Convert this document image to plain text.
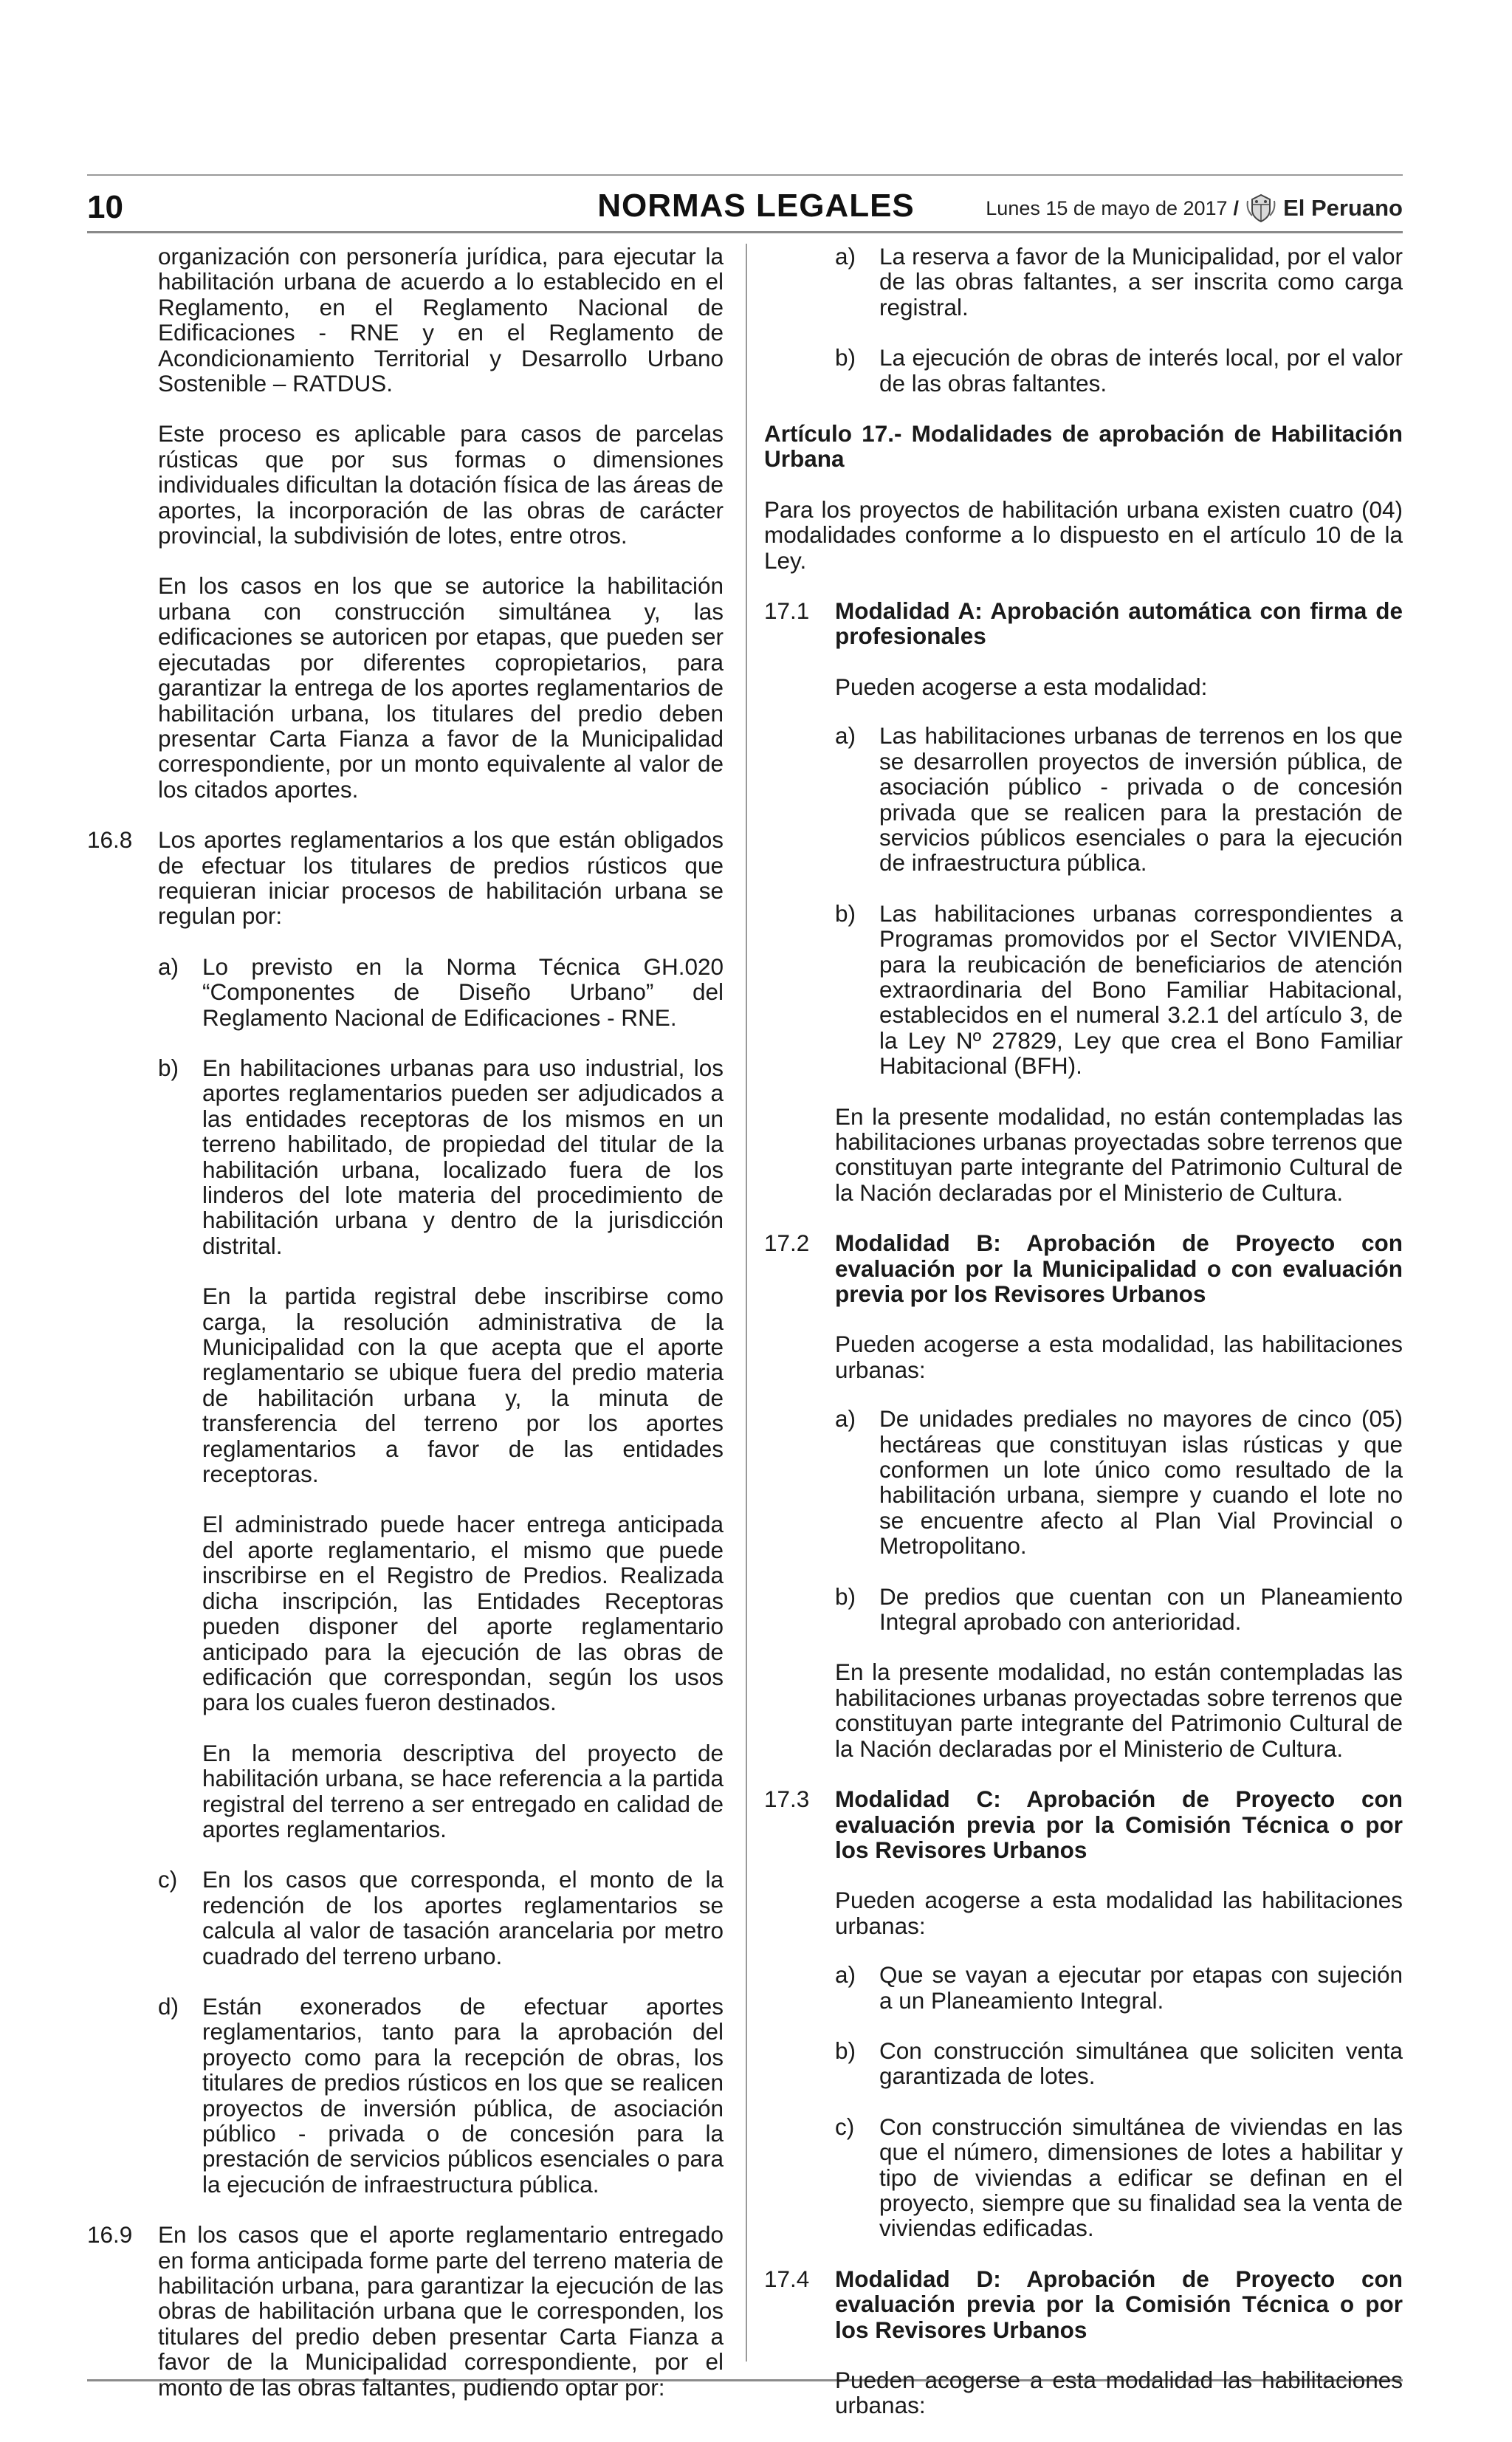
10	NORMAS LEGALES	Lunes 15 de mayo de 2017 / El Peruano
organización con personería jurídica, para ejecutar la habilitación urbana de acuerdo a lo establecido en el Reglamento, en el Reglamento Nacional de Edificaciones - RNE y en el Reglamento de Acondicionamiento Territorial y Desarrollo Urbano Sostenible – RATDUS.
Este proceso es aplicable para casos de parcelas rústicas que por sus formas o dimensiones individuales dificultan la dotación física de las áreas de aportes, la incorporación de las obras de carácter provincial, la subdivisión de lotes, entre otros.
En los casos en los que se autorice la habilitación urbana con construcción simultánea y, las edificaciones se autoricen por etapas, que pueden ser ejecutadas por diferentes copropietarios, para garantizar la entrega de los aportes reglamentarios de habilitación urbana, los titulares del predio deben presentar Carta Fianza a favor de la Municipalidad correspondiente, por un monto equivalente al valor de los citados aportes.
16.8	Los aportes reglamentarios a los que están obligados de efectuar los titulares de predios rústicos que requieran iniciar procesos de habilitación urbana se regulan por:
a)	Lo previsto en la Norma Técnica GH.020 “Componentes de Diseño Urbano” del Reglamento Nacional de Edificaciones - RNE.
b)	En habilitaciones urbanas para uso industrial, los aportes reglamentarios pueden ser adjudicados a las entidades receptoras de los mismos en un terreno habilitado, de propiedad del titular de la habilitación urbana, localizado fuera de los linderos del lote materia del procedimiento de habilitación urbana y dentro de la jurisdicción distrital.
En la partida registral debe inscribirse como carga, la resolución administrativa de la Municipalidad con la que acepta que el aporte reglamentario se ubique fuera del predio materia de habilitación urbana y, la minuta de transferencia del terreno por los aportes reglamentarios a favor de las entidades receptoras.
El administrado puede hacer entrega anticipada del aporte reglamentario, el mismo que puede inscribirse en el Registro de Predios. Realizada dicha inscripción, las Entidades Receptoras pueden disponer del aporte reglamentario anticipado para la ejecución de las obras de edificación que correspondan, según los usos para los cuales fueron destinados.
En la memoria descriptiva del proyecto de habilitación urbana, se hace referencia a la partida registral del terreno a ser entregado en calidad de aportes reglamentarios.
c)	En los casos que corresponda, el monto de la redención de los aportes reglamentarios se calcula al valor de tasación arancelaria por metro cuadrado del terreno urbano.
d)	Están exonerados de efectuar aportes reglamentarios, tanto para la aprobación del proyecto como para la recepción de obras, los titulares de predios rústicos en los que se realicen proyectos de inversión pública, de asociación público - privada o de concesión para la prestación de servicios públicos esenciales o para la ejecución de infraestructura pública.
16.9	En los casos que el aporte reglamentario entregado en forma anticipada forme parte del terreno materia de habilitación urbana, para garantizar la ejecución de las obras de habilitación urbana que le corresponden, los titulares del predio deben presentar Carta Fianza a favor de la Municipalidad correspondiente, por el monto de las obras faltantes, pudiendo optar por:
a)	La reserva a favor de la Municipalidad, por el valor de las obras faltantes, a ser inscrita como carga registral.
b)	La ejecución de obras de interés local, por el valor de las obras faltantes.
Artículo 17.- Modalidades de aprobación de Habilitación Urbana
Para los proyectos de habilitación urbana existen cuatro (04) modalidades conforme a lo dispuesto en el artículo 10 de la Ley.
17.1	Modalidad A: Aprobación automática con firma de profesionales
Pueden acogerse a esta modalidad:
a)	Las habilitaciones urbanas de terrenos en los que se desarrollen proyectos de inversión pública, de asociación público - privada o de concesión privada que se realicen para la prestación de servicios públicos esenciales o para la ejecución de infraestructura pública.
b)	Las habilitaciones urbanas correspondientes a Programas promovidos por el Sector VIVIENDA, para la reubicación de beneficiarios de atención extraordinaria del Bono Familiar Habitacional, establecidos en el numeral 3.2.1 del artículo 3, de la Ley Nº 27829, Ley que crea el Bono Familiar Habitacional (BFH).
En la presente modalidad, no están contempladas las habilitaciones urbanas proyectadas sobre terrenos que constituyan parte integrante del Patrimonio Cultural de la Nación declaradas por el Ministerio de Cultura.
17.2	Modalidad B: Aprobación de Proyecto con evaluación por la Municipalidad o con evaluación previa por los Revisores Urbanos
Pueden acogerse a esta modalidad, las habilitaciones urbanas:
a)	De unidades prediales no mayores de cinco (05) hectáreas que constituyan islas rústicas y que conformen un lote único como resultado de la habilitación urbana, siempre y cuando el lote no se encuentre afecto al Plan Vial Provincial o Metropolitano.
b)	De predios que cuentan con un Planeamiento Integral aprobado con anterioridad.
En la presente modalidad, no están contempladas las habilitaciones urbanas proyectadas sobre terrenos que constituyan parte integrante del Patrimonio Cultural de la Nación declaradas por el Ministerio de Cultura.
17.3	Modalidad C: Aprobación de Proyecto con evaluación previa por la Comisión Técnica o por los Revisores Urbanos
Pueden acogerse a esta modalidad las habilitaciones urbanas:
a)	Que se vayan a ejecutar por etapas con sujeción a un Planeamiento Integral.
b)	Con construcción simultánea que soliciten venta garantizada de lotes.
c)	Con construcción simultánea de viviendas en las que el número, dimensiones de lotes a habilitar y tipo de viviendas a edificar se definan en el proyecto, siempre que su finalidad sea la venta de viviendas edificadas.
17.4	Modalidad D: Aprobación de Proyecto con evaluación previa por la Comisión Técnica o por los Revisores Urbanos
Pueden acogerse a esta modalidad las habilitaciones urbanas:
